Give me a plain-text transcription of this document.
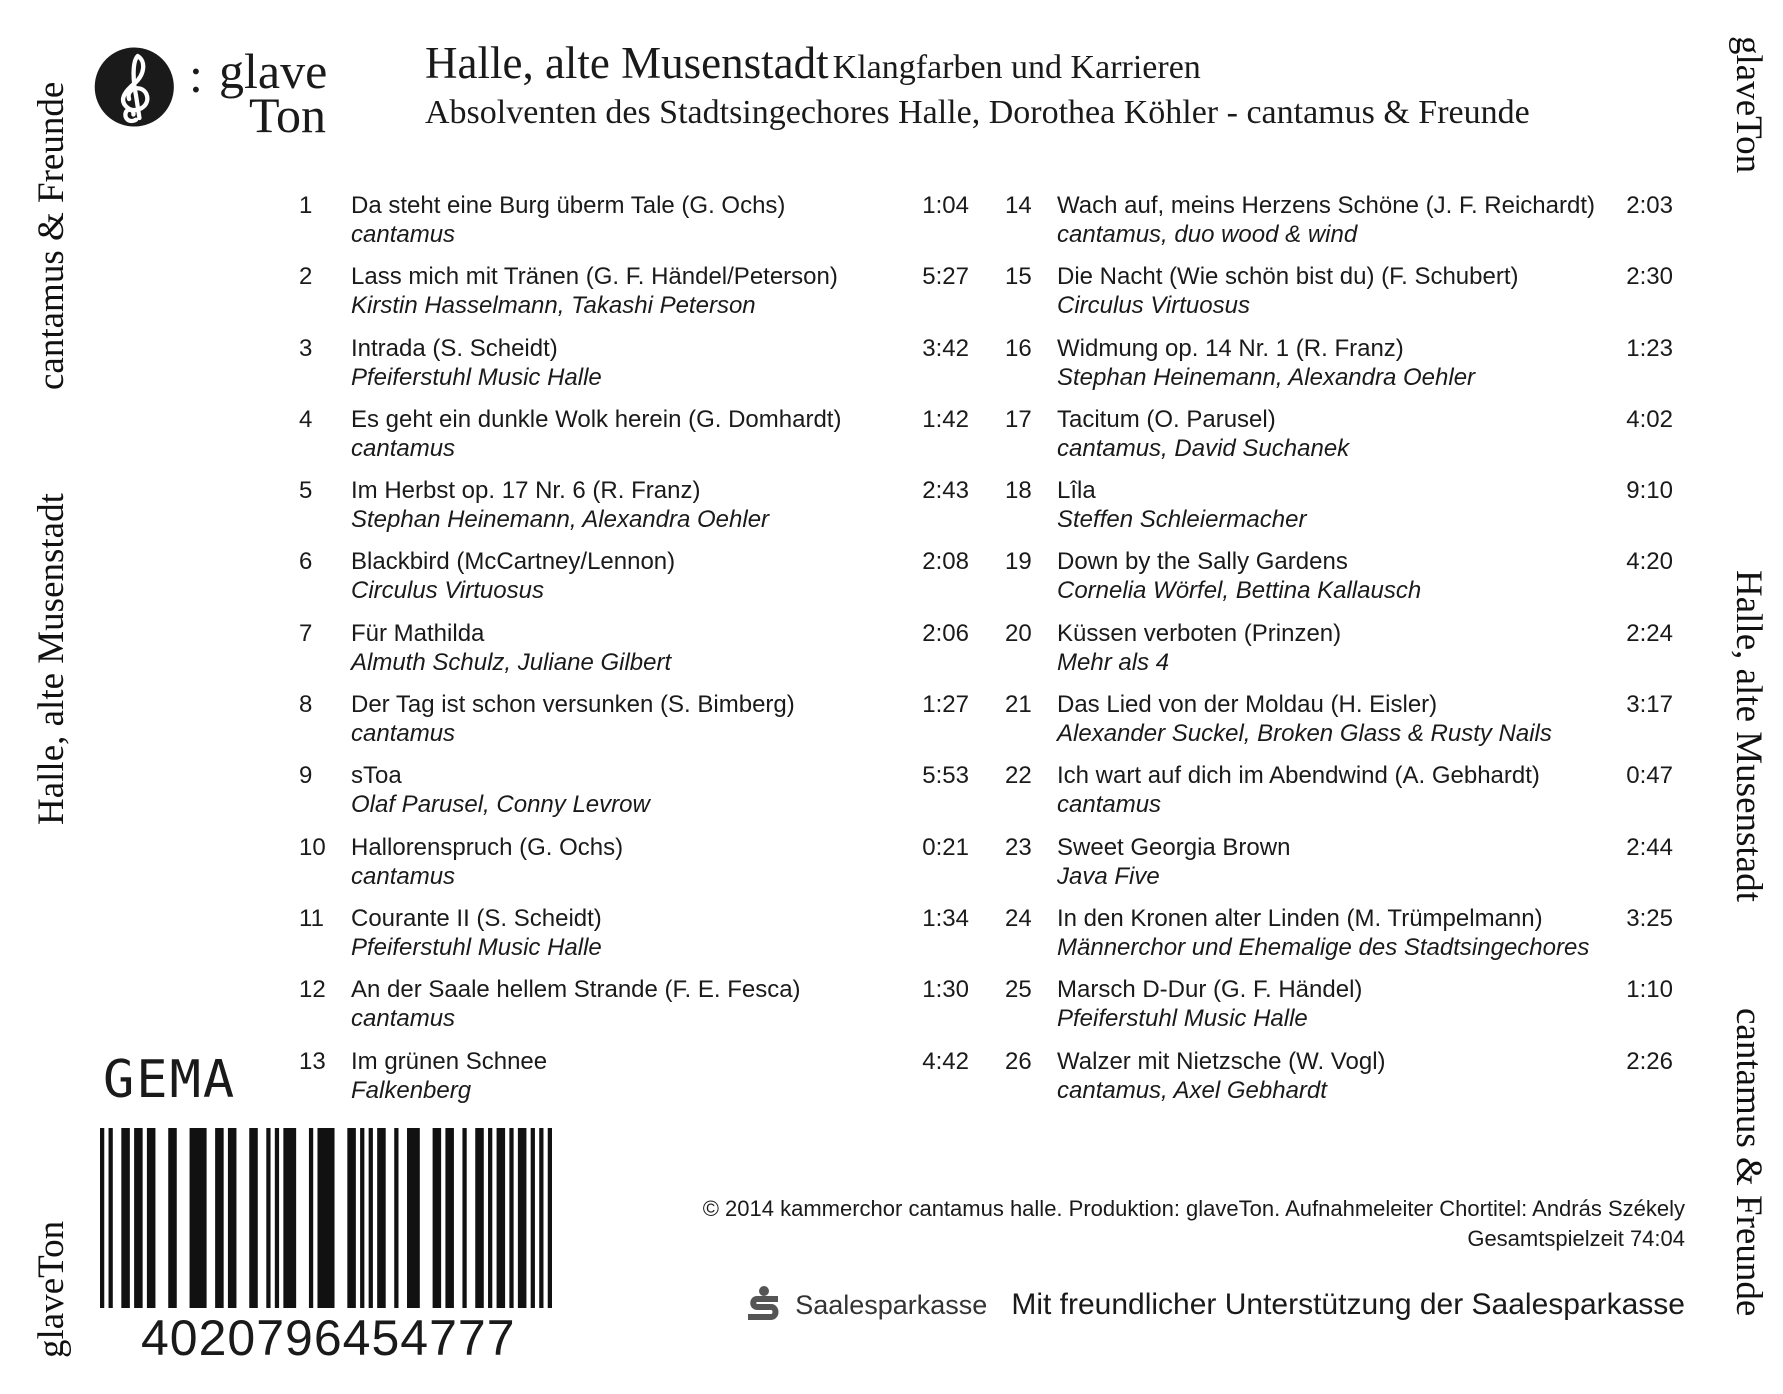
cantamus & Freunde
Halle, alte Musenstadt
glaveTon
glaveTon
Halle, alte Musenstadt
cantamus & Freunde
: glave
Ton
Halle, alte Musenstadt Klangfarben und Karrieren
Absolventen des Stadtsingechores Halle, Dorothea Köhler - cantamus & Freunde
1	Da steht eine Burg überm Tale (G. Ochs)	1:04
cantamus
2	Lass mich mit Tränen (G. F. Händel/Peterson)	5:27
Kirstin Hasselmann, Takashi Peterson
3	Intrada (S. Scheidt)	3:42
Pfeiferstuhl Music Halle
4	Es geht ein dunkle Wolk herein (G. Domhardt)	1:42
cantamus
5	Im Herbst op. 17 Nr. 6 (R. Franz)	2:43
Stephan Heinemann, Alexandra Oehler
6	Blackbird (McCartney/Lennon)	2:08
Circulus Virtuosus
7	Für Mathilda	2:06
Almuth Schulz, Juliane Gilbert
8	Der Tag ist schon versunken (S. Bimberg)	1:27
cantamus
9	sToa	5:53
Olaf Parusel, Conny Levrow
10	Hallorenspruch (G. Ochs)	0:21
cantamus
11	Courante II (S. Scheidt)	1:34
Pfeiferstuhl Music Halle
12	An der Saale hellem Strande (F. E. Fesca)	1:30
cantamus
13	Im grünen Schnee	4:42
Falkenberg
14	Wach auf, meins Herzens Schöne (J. F. Reichardt) 2:03
cantamus, duo wood & wind
15	Die Nacht (Wie schön bist du) (F. Schubert)	2:30
Circulus Virtuosus
16	Widmung op. 14 Nr. 1 (R. Franz)	1:23
Stephan Heinemann, Alexandra Oehler
17	Tacitum (O. Parusel)	4:02
cantamus, David Suchanek
18	Lîla	9:10
Steffen Schleiermacher
19	Down by the Sally Gardens	4:20
Cornelia Wörfel, Bettina Kallausch
20	Küssen verboten (Prinzen)	2:24
Mehr als 4
21	Das Lied von der Moldau (H. Eisler)	3:17
Alexander Suckel, Broken Glass & Rusty Nails
22	Ich wart auf dich im Abendwind (A. Gebhardt)	0:47
cantamus
23	Sweet Georgia Brown	2:44
Java Five
24	In den Kronen alter Linden (M. Trümpelmann)	3:25
Männerchor und Ehemalige des Stadtsingechores
25	Marsch D-Dur (G. F. Händel)	1:10
Pfeiferstuhl Music Halle
26	Walzer mit Nietzsche (W. Vogl)	2:26
cantamus, Axel Gebhardt
GEMA
4020796454777
© 2014 kammerchor cantamus halle. Produktion: glaveTon. Aufnahmeleiter Chortitel: András Székely
Gesamtspielzeit 74:04
Saalesparkasse Mit freundlicher Unterstützung der Saalesparkasse
